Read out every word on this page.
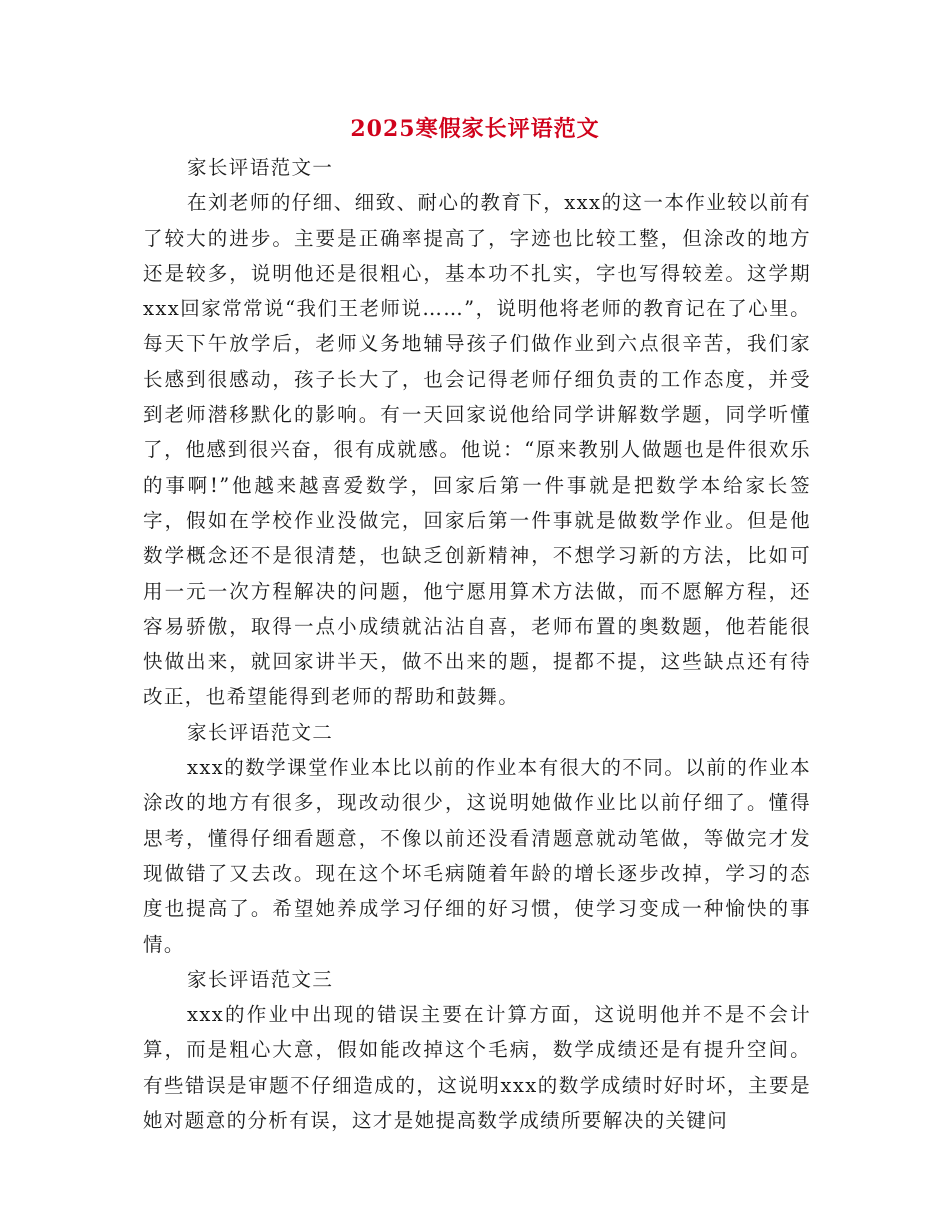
2025寒假家长评语范文

家长评语范文一

在刘老师的仔细、细致、耐心的教育下，xxx的这一本作业较以前有了较大的进步。主要是正确率提高了，字迹也比较工整，但涂改的地方还是较多，说明他还是很粗心，基本功不扎实，字也写得较差。这学期xxx回家常常说“我们王老师说……”，说明他将老师的教育记在了心里。每天下午放学后，老师义务地辅导孩子们做作业到六点很辛苦，我们家长感到很感动，孩子长大了，也会记得老师仔细负责的工作态度，并受到老师潜移默化的影响。有一天回家说他给同学讲解数学题，同学听懂了，他感到很兴奋，很有成就感。他说：“原来教别人做题也是件很欢乐的事啊!”他越来越喜爱数学，回家后第一件事就是把数学本给家长签字，假如在学校作业没做完，回家后第一件事就是做数学作业。但是他数学概念还不是很清楚，也缺乏创新精神，不想学习新的方法，比如可用一元一次方程解决的问题，他宁愿用算术方法做，而不愿解方程，还容易骄傲，取得一点小成绩就沾沾自喜，老师布置的奥数题，他若能很快做出来，就回家讲半天，做不出来的题，提都不提，这些缺点还有待改正，也希望能得到老师的帮助和鼓舞。

家长评语范文二

xxx的数学课堂作业本比以前的作业本有很大的不同。以前的作业本涂改的地方有很多，现改动很少，这说明她做作业比以前仔细了。懂得思考，懂得仔细看题意，不像以前还没看清题意就动笔做，等做完才发现做错了又去改。现在这个坏毛病随着年龄的增长逐步改掉，学习的态度也提高了。希望她养成学习仔细的好习惯，使学习变成一种愉快的事情。

家长评语范文三

xxx的作业中出现的错误主要在计算方面，这说明他并不是不会计算，而是粗心大意，假如能改掉这个毛病，数学成绩还是有提升空间。有些错误是审题不仔细造成的，这说明xxx的数学成绩时好时坏，主要是她对题意的分析有误，这才是她提高数学成绩所要解决的关键问
